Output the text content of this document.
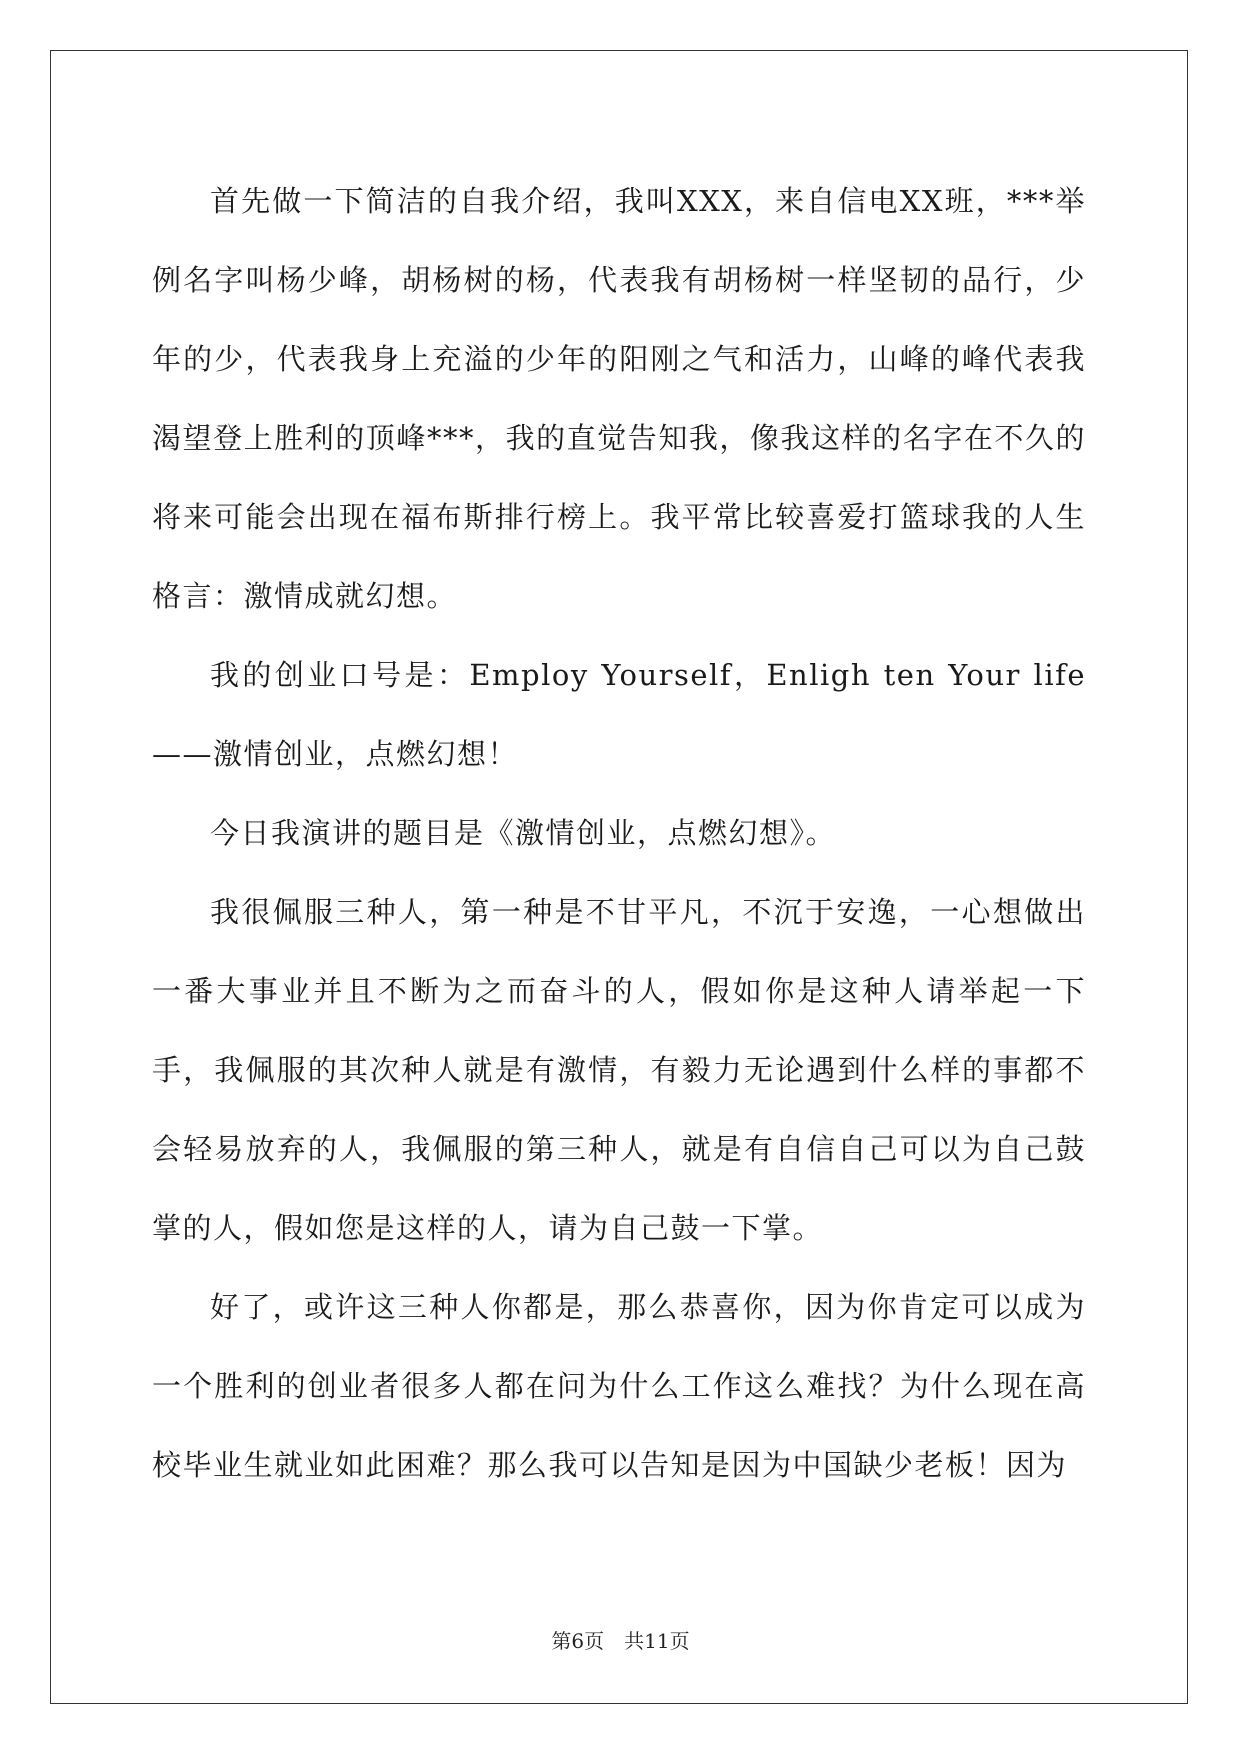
首先做一下简洁的自我介绍，我叫XXX，来自信电XX班，***举例名字叫杨少峰，胡杨树的杨，代表我有胡杨树一样坚韧的品行，少年的少，代表我身上充溢的少年的阳刚之气和活力，山峰的峰代表我渴望登上胜利的顶峰***，我的直觉告知我，像我这样的名字在不久的将来可能会出现在福布斯排行榜上。我平常比较喜爱打篮球我的人生格言：激情成就幻想。

我的创业口号是：Employ Yourself，Enligh ten Your life——激情创业，点燃幻想！

今日我演讲的题目是《激情创业，点燃幻想》。

我很佩服三种人，第一种是不甘平凡，不沉于安逸，一心想做出一番大事业并且不断为之而奋斗的人，假如你是这种人请举起一下手，我佩服的其次种人就是有激情，有毅力无论遇到什么样的事都不会轻易放弃的人，我佩服的第三种人，就是有自信自己可以为自己鼓掌的人，假如您是这样的人，请为自己鼓一下掌。

好了，或许这三种人你都是，那么恭喜你，因为你肯定可以成为一个胜利的创业者很多人都在问为什么工作这么难找？为什么现在高校毕业生就业如此困难？那么我可以告知是因为中国缺少老板！因为

第6页　共11页
